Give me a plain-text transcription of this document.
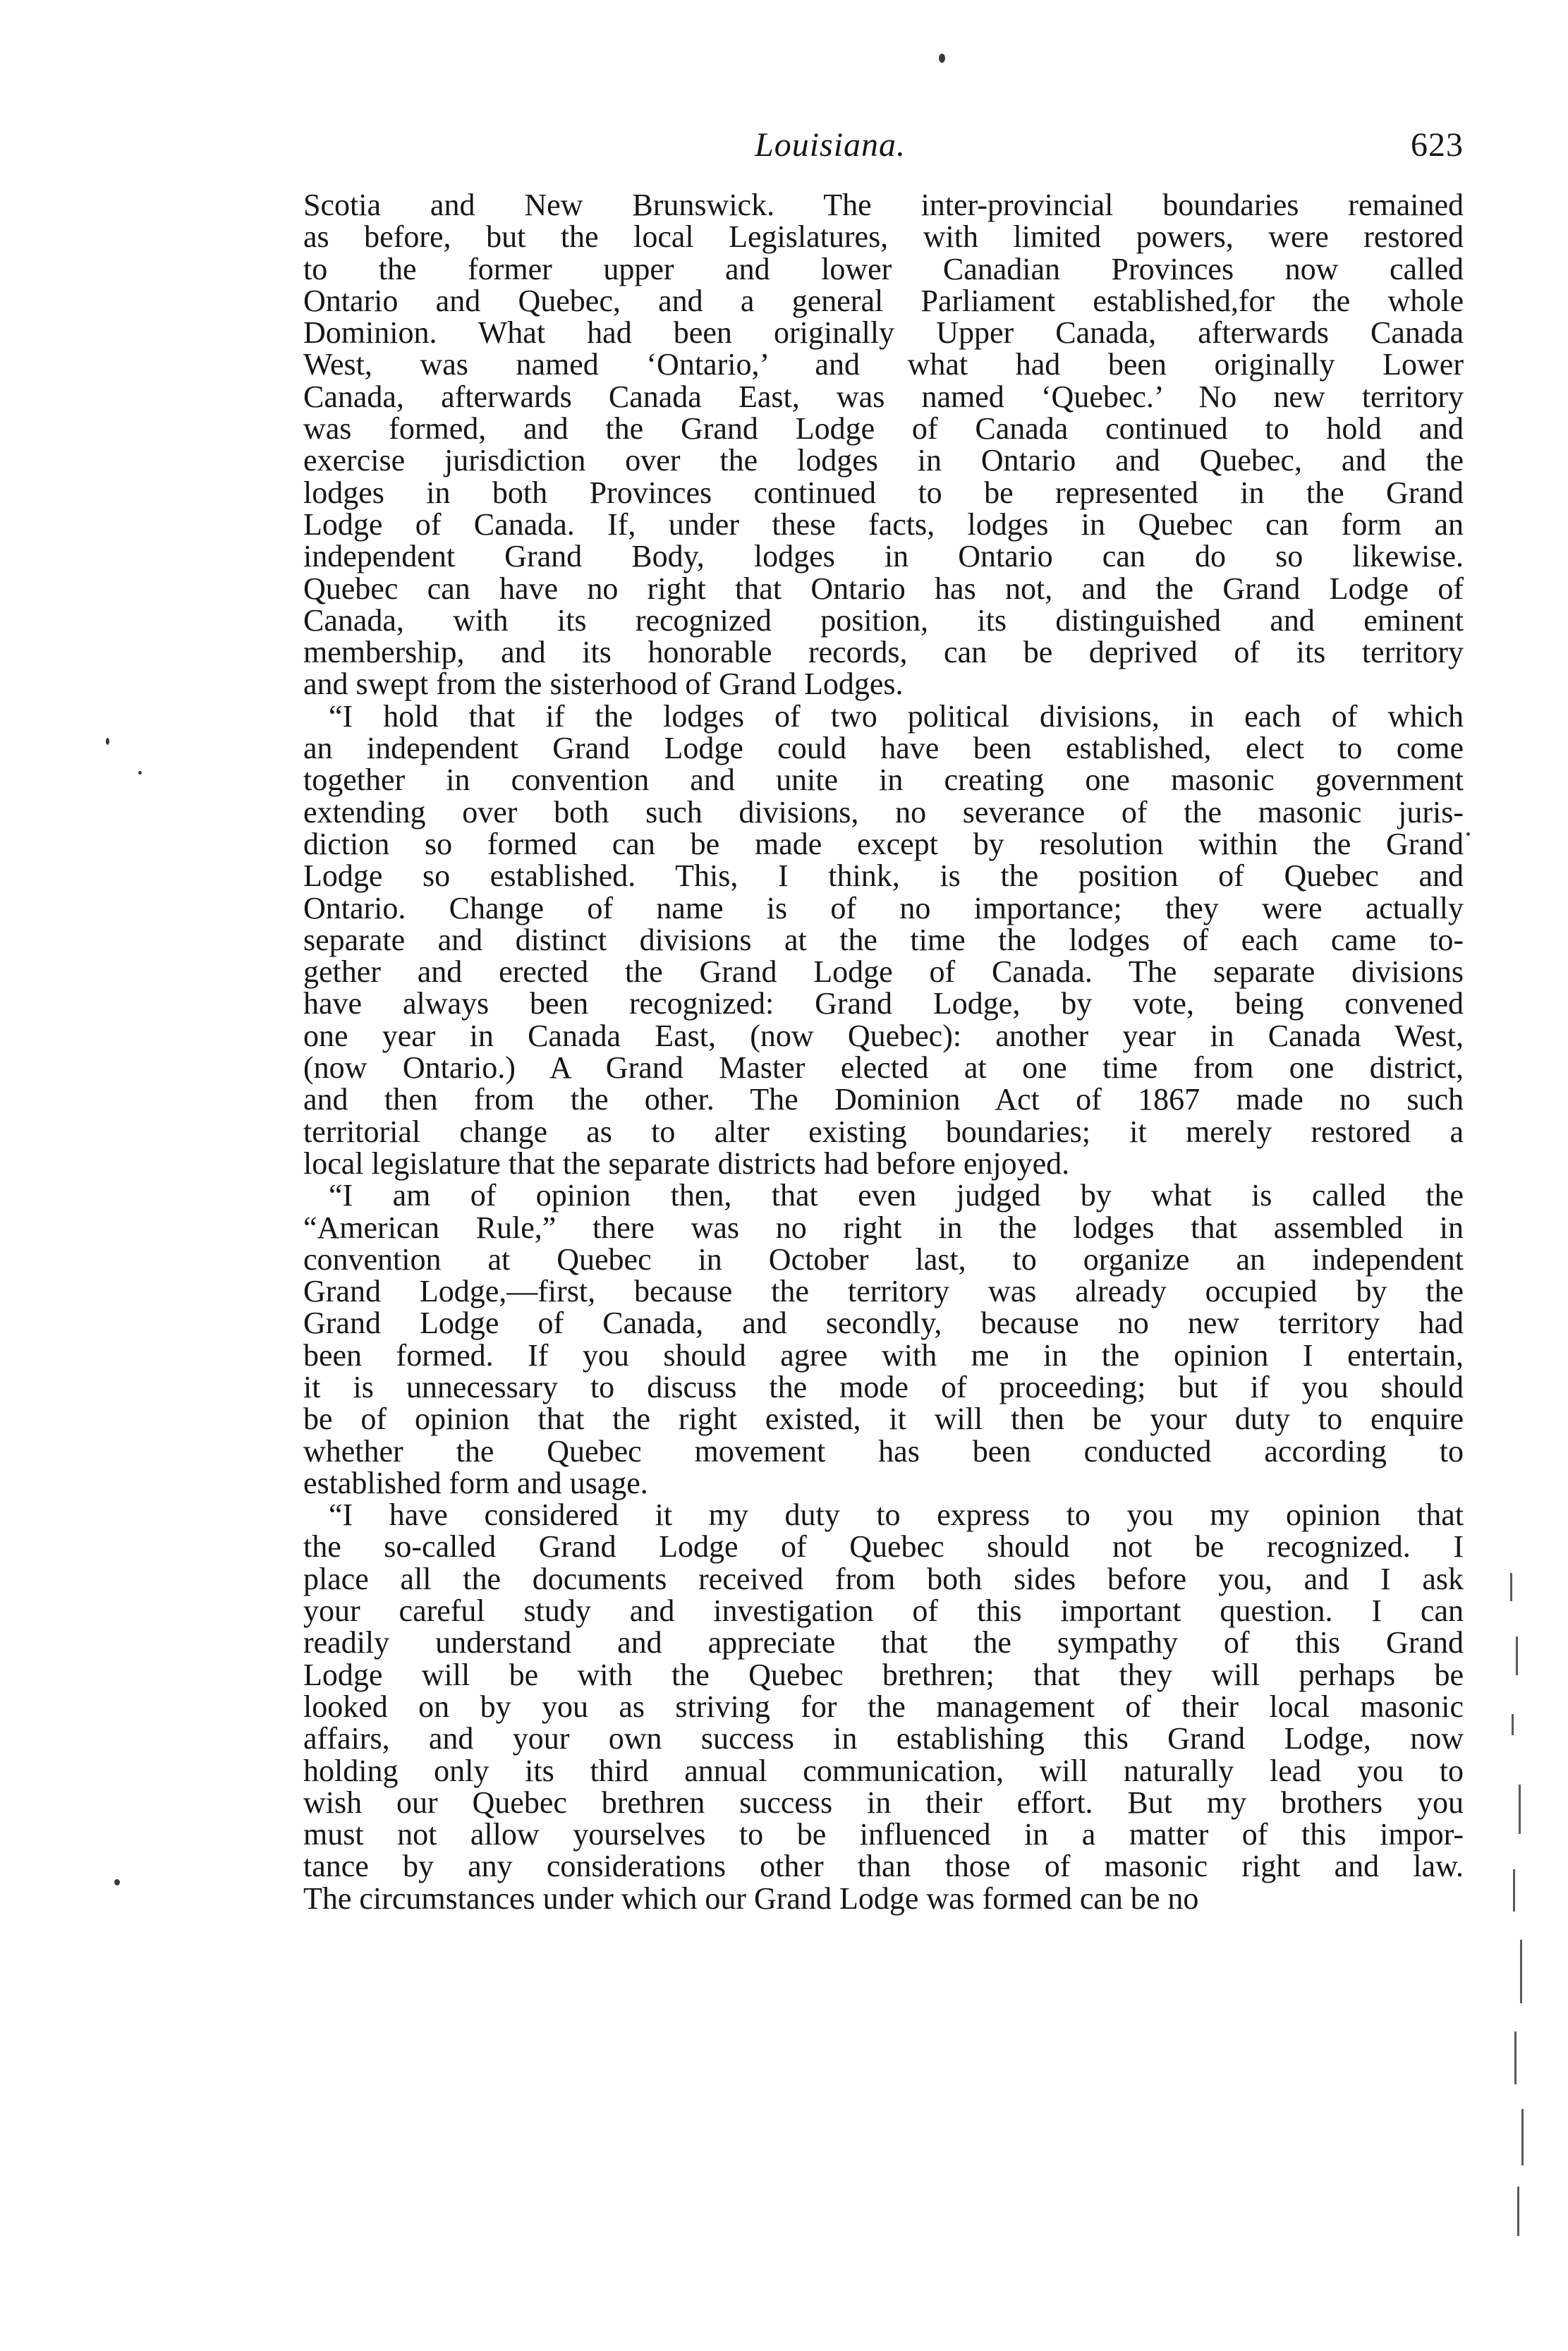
Louisiana.	623
Scotia and New Brunswick. The inter-provincial boundaries remained
as before, but the local Legislatures, with limited powers, were restored
to the former upper and lower Canadian Provinces now called
Ontario and Quebec, and a general Parliament established,for the whole
Dominion. What had been originally Upper Canada, afterwards Canada
West, was named ‘Ontario,’ and what had been originally Lower
Canada, afterwards Canada East, was named ‘Quebec.’ No new territory
was formed, and the Grand Lodge of Canada continued to hold and
exercise jurisdiction over the lodges in Ontario and Quebec, and the
lodges in both Provinces continued to be represented in the Grand
Lodge of Canada. If, under these facts, lodges in Quebec can form an
independent Grand Body, lodges in Ontario can do so likewise.
Quebec can have no right that Ontario has not, and the Grand Lodge of
Canada, with its recognized position, its distinguished and eminent
membership, and its honorable records, can be deprived of its territory
and swept from the sisterhood of Grand Lodges.
“I hold that if the lodges of two political divisions, in each of which
an independent Grand Lodge could have been established, elect to come
together in convention and unite in creating one masonic government
extending over both such divisions, no severance of the masonic juris-
diction so formed can be made except by resolution within the Grand
Lodge so established. This, I think, is the position of Quebec and
Ontario. Change of name is of no importance; they were actually
separate and distinct divisions at the time the lodges of each came to-
gether and erected the Grand Lodge of Canada. The separate divisions
have always been recognized: Grand Lodge, by vote, being convened
one year in Canada East, (now Quebec): another year in Canada West,
(now Ontario.) A Grand Master elected at one time from one district,
and then from the other. The Dominion Act of 1867 made no such
territorial change as to alter existing boundaries; it merely restored a
local legislature that the separate districts had before enjoyed.
“I am of opinion then, that even judged by what is called the
“American Rule,” there was no right in the lodges that assembled in
convention at Quebec in October last, to organize an independent
Grand Lodge,—first, because the territory was already occupied by the
Grand Lodge of Canada, and secondly, because no new territory had
been formed. If you should agree with me in the opinion I entertain,
it is unnecessary to discuss the mode of proceeding; but if you should
be of opinion that the right existed, it will then be your duty to enquire
whether the Quebec movement has been conducted according to
established form and usage.
“I have considered it my duty to express to you my opinion that
the so-called Grand Lodge of Quebec should not be recognized. I
place all the documents received from both sides before you, and I ask
your careful study and investigation of this important question. I can
readily understand and appreciate that the sympathy of this Grand
Lodge will be with the Quebec brethren; that they will perhaps be
looked on by you as striving for the management of their local masonic
affairs, and your own success in establishing this Grand Lodge, now
holding only its third annual communication, will naturally lead you to
wish our Quebec brethren success in their effort. But my brothers you
must not allow yourselves to be influenced in a matter of this impor-
tance by any considerations other than those of masonic right and law.
The circumstances under which our Grand Lodge was formed can be no
